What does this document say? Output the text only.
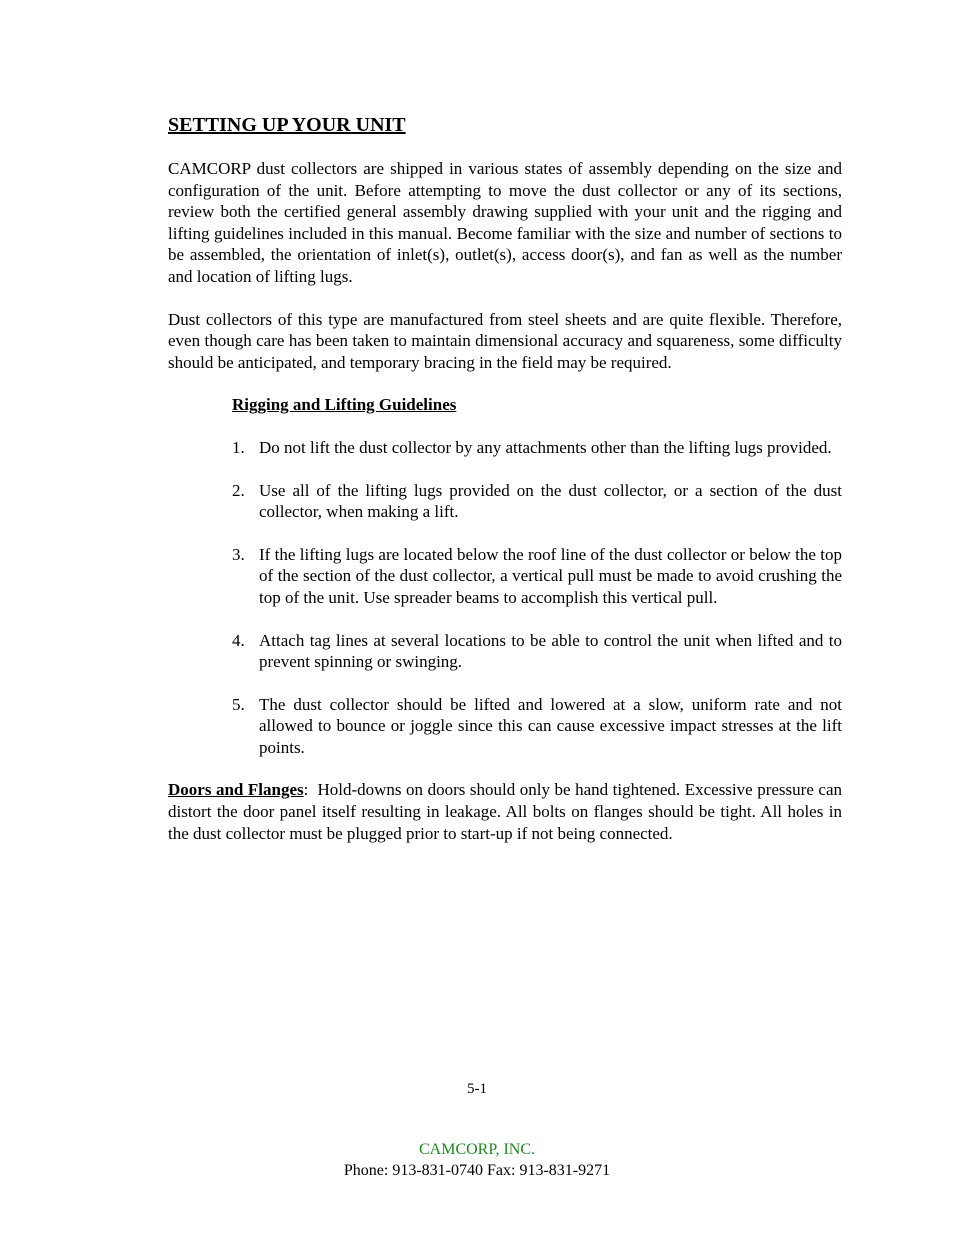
SETTING UP YOUR UNIT
CAMCORP dust collectors are shipped in various states of assembly depending on the size and configuration of the unit. Before attempting to move the dust collector or any of its sections, review both the certified general assembly drawing supplied with your unit and the rigging and lifting guidelines included in this manual. Become familiar with the size and number of sections to be assembled, the orientation of inlet(s), outlet(s), access door(s), and fan as well as the number and location of lifting lugs.
Dust collectors of this type are manufactured from steel sheets and are quite flexible. Therefore, even though care has been taken to maintain dimensional accuracy and squareness, some difficulty should be anticipated, and temporary bracing in the field may be required.
Rigging and Lifting Guidelines
1. Do not lift the dust collector by any attachments other than the lifting lugs provided.
2. Use all of the lifting lugs provided on the dust collector, or a section of the dust collector, when making a lift.
3. If the lifting lugs are located below the roof line of the dust collector or below the top of the section of the dust collector, a vertical pull must be made to avoid crushing the top of the unit. Use spreader beams to accomplish this vertical pull.
4. Attach tag lines at several locations to be able to control the unit when lifted and to prevent spinning or swinging.
5. The dust collector should be lifted and lowered at a slow, uniform rate and not allowed to bounce or joggle since this can cause excessive impact stresses at the lift points.
Doors and Flanges: Hold-downs on doors should only be hand tightened. Excessive pressure can distort the door panel itself resulting in leakage. All bolts on flanges should be tight. All holes in the dust collector must be plugged prior to start-up if not being connected.
5-1
CAMCORP, INC.
Phone: 913-831-0740 Fax: 913-831-9271
